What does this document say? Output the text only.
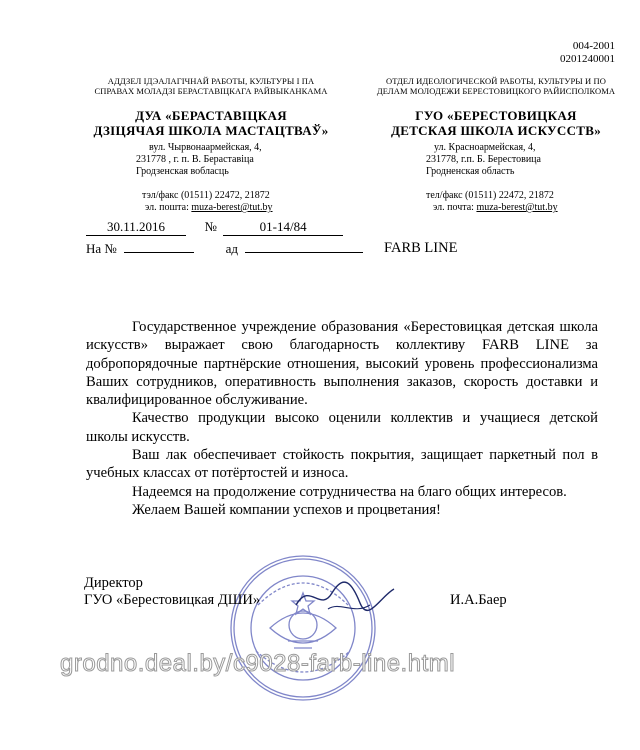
004-2001
0201240001
АДДЗЕЛ ІДЭАЛАГІЧНАЙ РАБОТЫ, КУЛЬТУРЫ І ПА
СПРАВАХ МОЛАДЗІ БЕРАСТАВІЦКАГА РАЙВЫКАНКАМА
ДУА «БЕРАСТАВІЦКАЯ
ДЗІЦЯЧАЯ ШКОЛА МАСТАЦТВАЎ»
вул. Чырвонаармейская, 4,
231778 , г. п. В. Бераставіца
Гродзенская вобласць
тэл/факс (01511) 22472, 21872
эл. пошта: muza-berest@tut.by
ОТДЕЛ ИДЕОЛОГИЧЕСКОЙ РАБОТЫ, КУЛЬТУРЫ И ПО
ДЕЛАМ МОЛОДЕЖИ БЕРЕСТОВИЦКОГО РАЙИСПОЛКОМА
ГУО «БЕРЕСТОВИЦКАЯ
ДЕТСКАЯ ШКОЛА ИСКУССТВ»
ул. Красноармейская, 4,
231778, г.п. Б. Берестовица
Гродненская область
тел/факс (01511) 22472, 21872
эл. почта: muza-berest@tut.by
30.11.2016	№	01-14/84
На №	ад	FARB LINE
Государственное учреждение образования «Берестовицкая детская школа искусств» выражает свою благодарность коллективу FARB LINE за добропорядочные партнёрские отношения, высокий уровень профессионализма Ваших сотрудников, оперативность выполнения заказов, скорость доставки и квалифицированное обслуживание.
Качество продукции высоко оценили коллектив и учащиеся детской школы искусств.
Ваш лак обеспечивает стойкость покрытия, защищает паркетный пол в учебных классах от потёртостей и износа.
Надеемся на продолжение сотрудничества на благо общих интересов.
Желаем Вашей компании успехов и процветания!
Директор
ГУО «Берестовицкая ДШИ»	И.А.Баер
grodno.deal.by/c9028-farb-line.html
